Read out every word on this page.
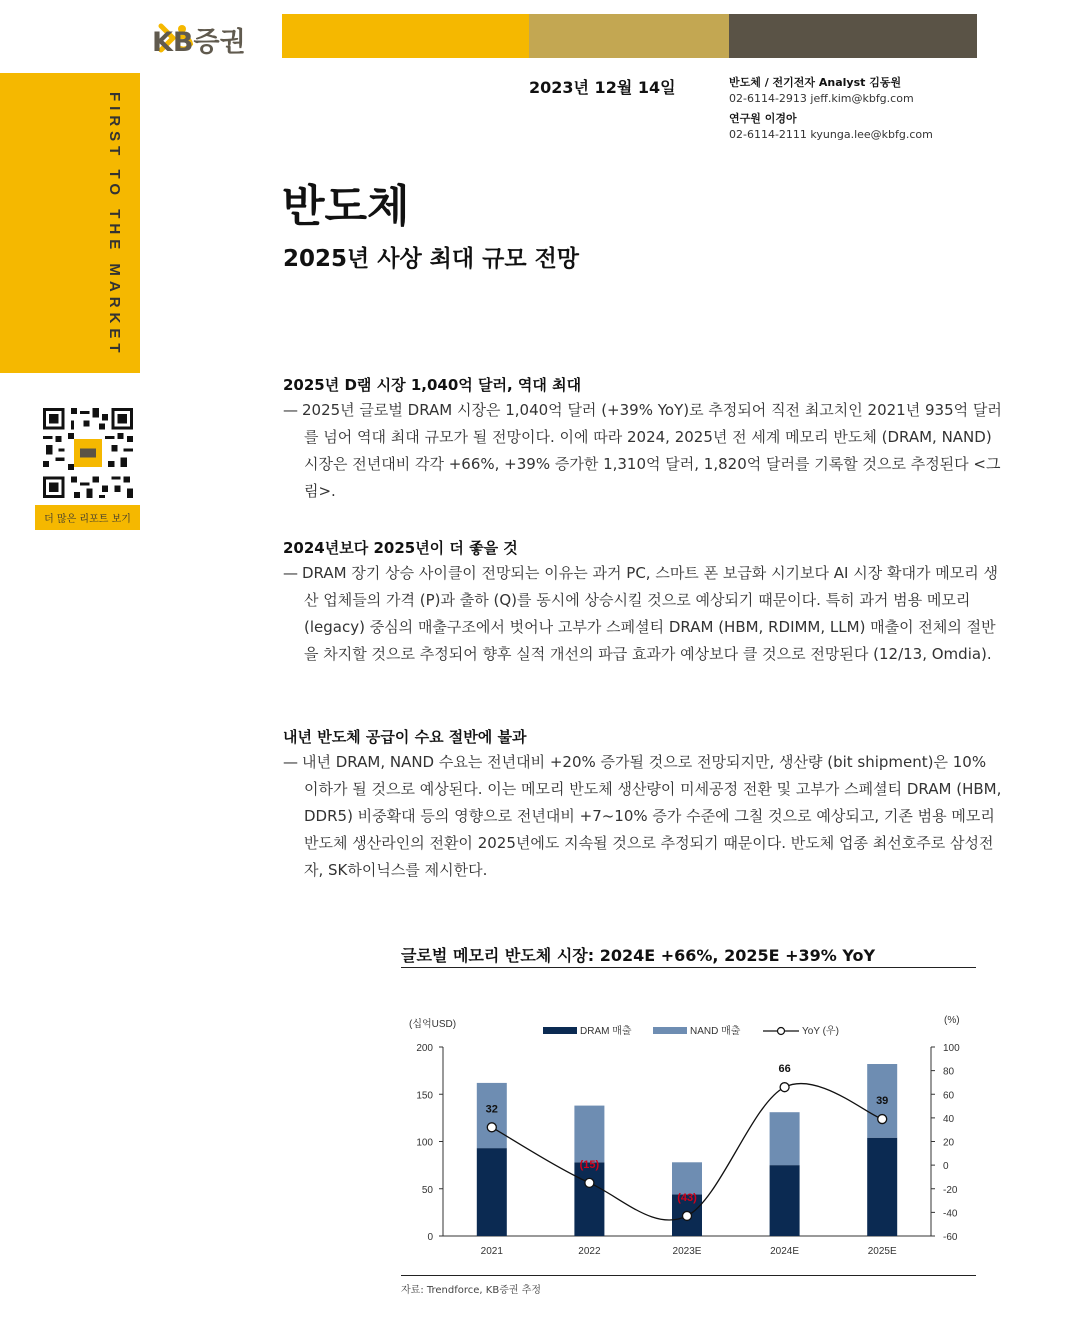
KB증권
2023년 12월 14일	반도체 / 전기전자 Analyst 김동원
02-6114-2913 jeff.kim@kbfg.com
연구원 이경아
02-6114-2111 kyunga.lee@kbfg.com
FIRST TO THE MARKET
더 많은 리포트 보기
반도체
2025년 사상 최대 규모 전망
2025년 D램 시장 1,040억 달러, 역대 최대
— 2025년 글로벌 DRAM 시장은 1,040억 달러 (+39% YoY)로 추정되어 직전 최고치인 2021년 935억 달러를 넘어 역대 최대 규모가 될 전망이다. 이에 따라 2024, 2025년 전 세계 메모리 반도체 (DRAM, NAND) 시장은 전년대비 각각 +66%, +39% 증가한 1,310억 달러, 1,820억 달러를 기록할 것으로 추정된다 <그림>.
2024년보다 2025년이 더 좋을 것
— DRAM 장기 상승 사이클이 전망되는 이유는 과거 PC, 스마트 폰 보급화 시기보다 AI 시장 확대가 메모리 생산 업체들의 가격 (P)과 출하 (Q)를 동시에 상승시킬 것으로 예상되기 때문이다. 특히 과거 범용 메모리 (legacy) 중심의 매출구조에서 벗어나 고부가 스페셜티 DRAM (HBM, RDIMM, LLM) 매출이 전체의 절반을 차지할 것으로 추정되어 향후 실적 개선의 파급 효과가 예상보다 클 것으로 전망된다 (12/13, Omdia).
내년 반도체 공급이 수요 절반에 불과
— 내년 DRAM, NAND 수요는 전년대비 +20% 증가될 것으로 전망되지만, 생산량 (bit shipment)은 10% 이하가 될 것으로 예상된다. 이는 메모리 반도체 생산량이 미세공정 전환 및 고부가 스페셜티 DRAM (HBM, DDR5) 비중확대 등의 영향으로 전년대비 +7~10% 증가 수준에 그칠 것으로 예상되고, 기존 범용 메모리 반도체 생산라인의 전환이 2025년에도 지속될 것으로 추정되기 때문이다. 반도체 업종 최선호주로 삼성전자, SK하이닉스를 제시한다.
글로벌 메모리 반도체 시장: 2024E +66%, 2025E +39% YoY
0
50
100
150
200
-60
-40
-20
0
20
40
60
80
100
(십억USD)	(%)
DRAM 매출	NAND 매출	YoY (우)
2021	2022	2023E	2024E	2025E
32
(15)
(43)
66
39
자료: Trendforce, KB증권 추정
